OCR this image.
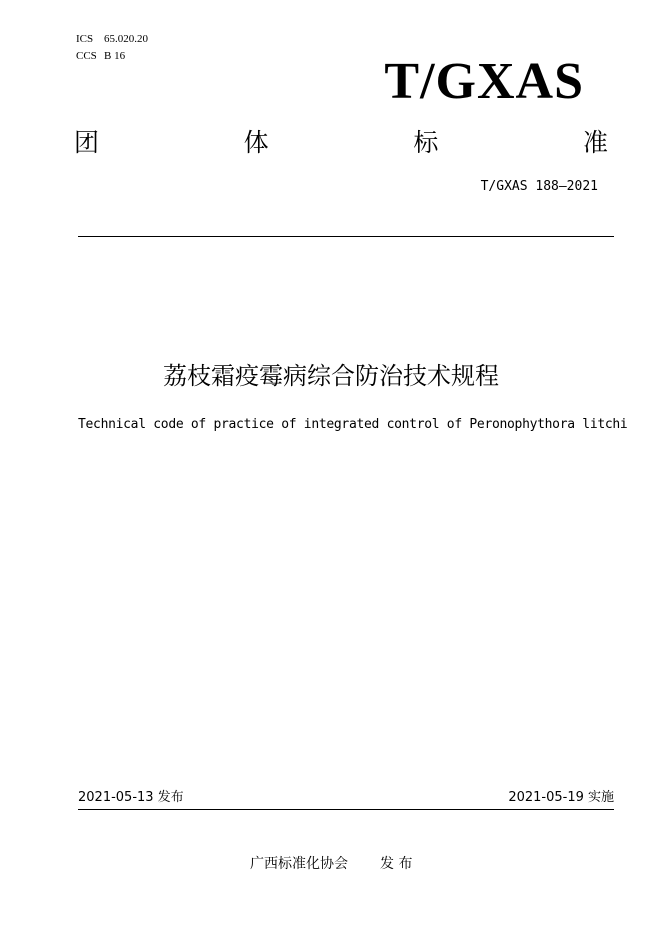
ICS 65.020.20
CCS B 16	T/GXAS
团	体	标	准
T/GXAS 188—2021
荔枝霜疫霉病综合防治技术规程
Technical code of practice of integrated control of Peronophythora litchi
2021-05-13 发布	2021-05-19 实施
广西标准化协会 发 布
